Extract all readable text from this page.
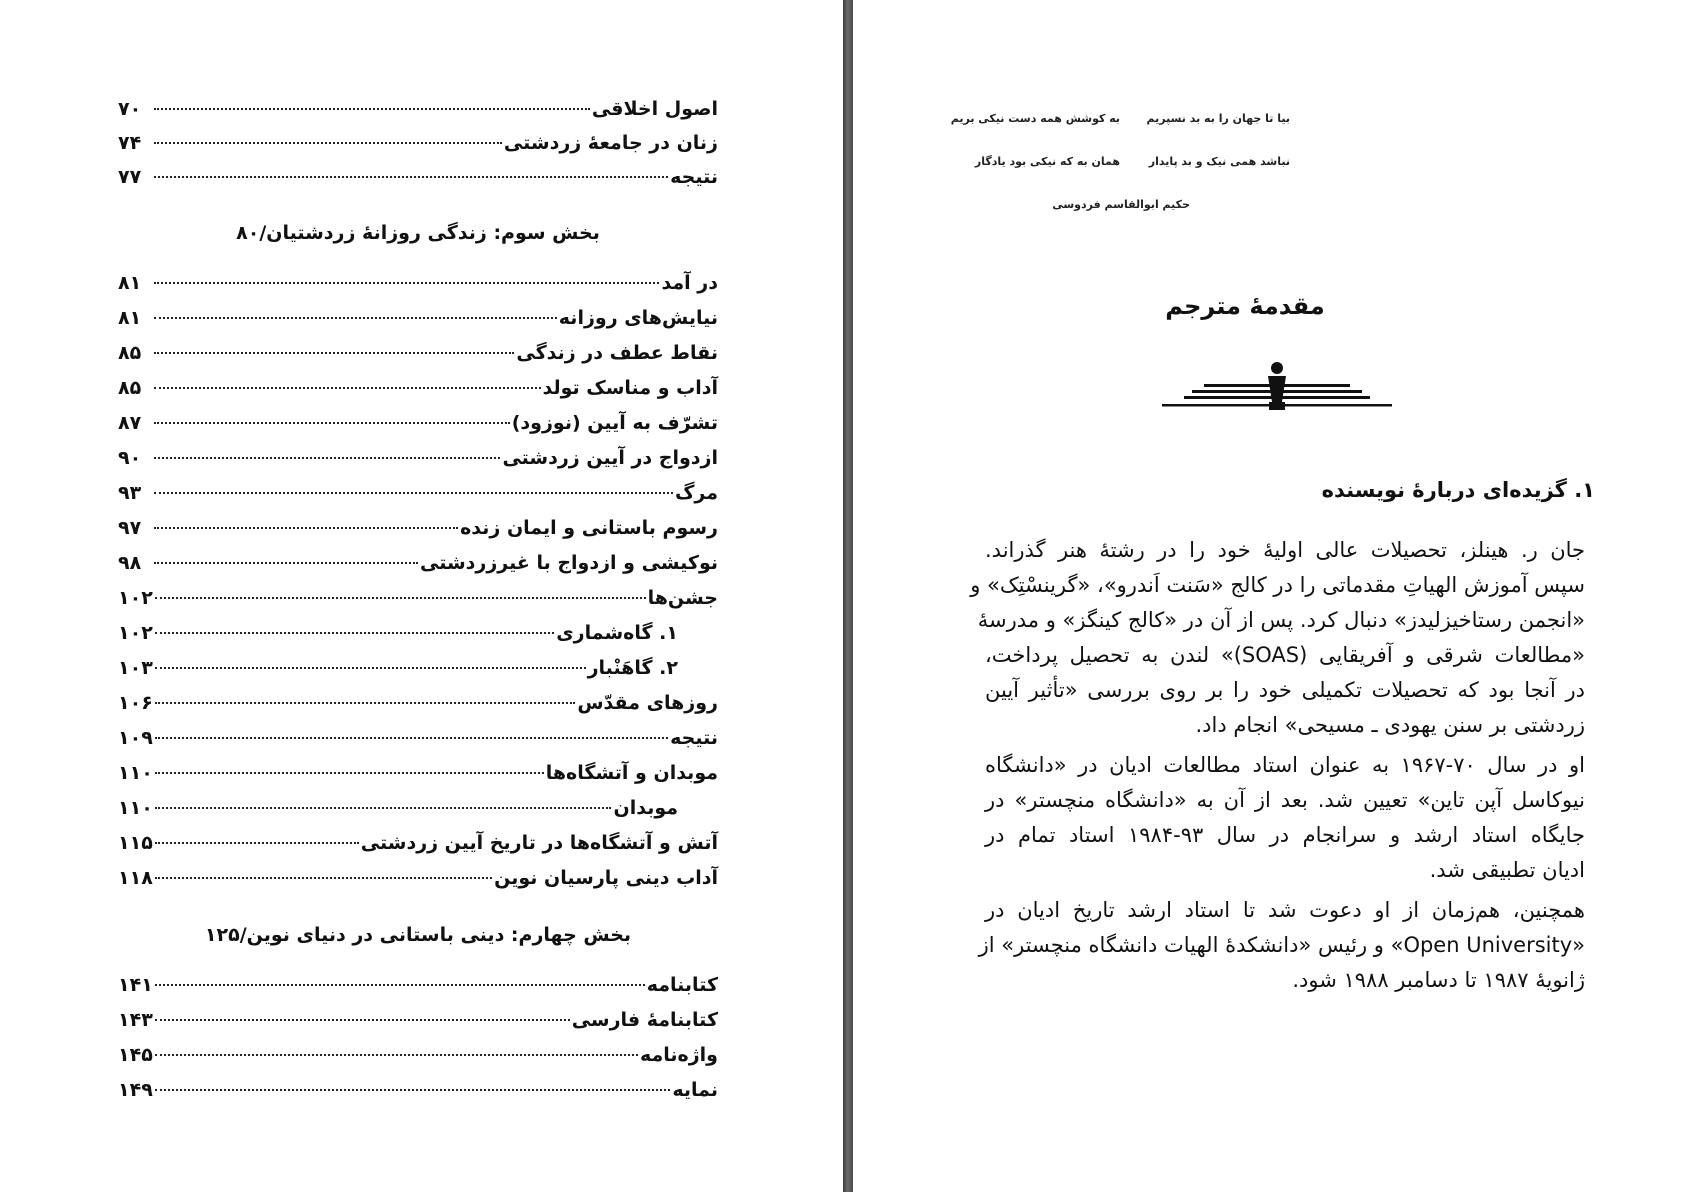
اصول اخلاقی
۷۰
زنان در جامعهٔ زردشتی
۷۴
نتیجه
۷۷
بخش سوم: زندگی روزانهٔ زردشتیان/۸۰
در آمد
۸۱
نیایش‌های روزانه
۸۱
نقاط عطف در زندگی
۸۵
آداب و مناسک تولد
۸۵
تشرّف به آیین (نوزود)
۸۷
ازدواج در آیین زردشتی
۹۰
مرگ
۹۳
رسوم باستانی و ایمان زنده
۹۷
نوکیشی و ازدواج با غیرزردشتی
۹۸
جشن‌ها
۱۰۲
۱. گاه‌شماری
۱۰۲
۲. گاهَنْبار
۱۰۳
روزهای مقدّس
۱۰۶
نتیجه
۱۰۹
موبدان و آتشگاه‌ها
۱۱۰
موبدان
۱۱۰
آتش و آتشگاه‌ها در تاریخ آیین زردشتی
۱۱۵
آداب دینی پارسیان نوین
۱۱۸
بخش چهارم: دینی باستانی در دنیای نوین/۱۲۵
کتابنامه
۱۴۱
کتابنامهٔ فارسی
۱۴۳
واژه‌نامه
۱۴۵
نمایه
۱۴۹
بیا تا جهان را به بد نسپریم
به کوشش همه دست نیکی بریم
نباشد همی نیک و بد پایدار
همان به که نیکی بود یادگار
حکیم ابوالقاسم فردوسی
مقدمهٔ مترجم
۱. گزیده‌ای دربارهٔ نویسنده
جان ر. هینلز، تحصیلات عالی اولیهٔ خود را در رشتهٔ هنر گذراند.
سپس آموزش الهیاتِ مقدماتی را در کالج «سَنت اَندرو»، «گرینسْتِک» و
«انجمن رستاخیزلیدز» دنبال کرد. پس از آن در «کالج کینگز» و مدرسهٔ
«مطالعات شرقی و آفریقایی (SOAS)» لندن به تحصیل پرداخت،
در آنجا بود که تحصیلات تکمیلی خود را بر روی بررسی «تأثیر آیین
زردشتی بر سنن یهودی ـ مسیحی» انجام داد.
او در سال ۷۰-۱۹۶۷ به عنوان استاد مطالعات ادیان در «دانشگاه
نیوکاسل آپن تاین» تعیین شد. بعد از آن به «دانشگاه منچستر» در
جایگاه استاد ارشد و سرانجام در سال ۹۳-۱۹۸۴ استاد تمام در
ادیان تطبیقی شد.
همچنین، هم‌زمان از او دعوت شد تا استاد ارشد تاریخ ادیان در
«Open University» و رئیس «دانشکدهٔ الهیات دانشگاه منچستر» از
ژانویهٔ ۱۹۸۷ تا دسامبر ۱۹۸۸ شود.
